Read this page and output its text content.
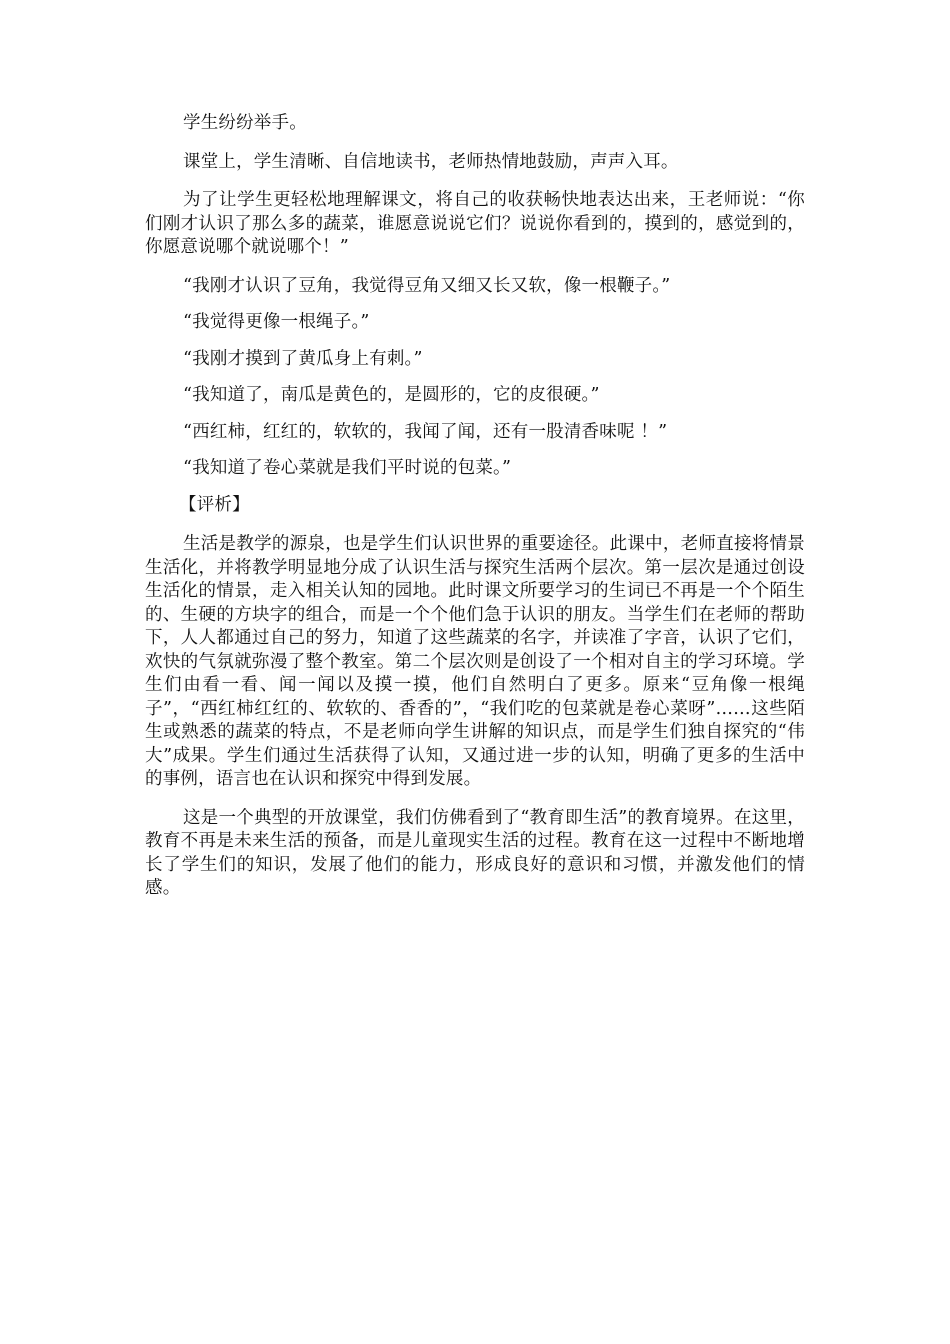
学生纷纷举手。

课堂上，学生清晰、自信地读书，老师热情地鼓励，声声入耳。

为了让学生更轻松地理解课文，将自己的收获畅快地表达出来，王老师说：“你们刚才认识了那么多的蔬菜，谁愿意说说它们？说说你看到的，摸到的，感觉到的，你愿意说哪个就说哪个！”

“我刚才认识了豆角，我觉得豆角又细又长又软，像一根鞭子。”

“我觉得更像一根绳子。”

“我刚才摸到了黄瓜身上有刺。”

“我知道了，南瓜是黄色的，是圆形的，它的皮很硬。”

“西红柿，红红的，软软的，我闻了闻，还有一股清香味呢 ！”

“我知道了卷心菜就是我们平时说的包菜。”

【评析】

生活是教学的源泉，也是学生们认识世界的重要途径。此课中，老师直接将情景生活化，并将教学明显地分成了认识生活与探究生活两个层次。第一层次是通过创设生活化的情景，走入相关认知的园地。此时课文所要学习的生词已不再是一个个陌生的、生硬的方块字的组合，而是一个个他们急于认识的朋友。当学生们在老师的帮助下，人人都通过自己的努力，知道了这些蔬菜的名字，并读准了字音，认识了它们，欢快的气氛就弥漫了整个教室。第二个层次则是创设了一个相对自主的学习环境。学生们由看一看、闻一闻以及摸一摸，他们自然明白了更多。原来“豆角像一根绳子”，“西红柿红红的、软软的、香香的”，“我们吃的包菜就是卷心菜呀”……这些陌生或熟悉的蔬菜的特点，不是老师向学生讲解的知识点，而是学生们独自探究的“伟大”成果。学生们通过生活获得了认知，又通过进一步的认知，明确了更多的生活中的事例，语言也在认识和探究中得到发展。

这是一个典型的开放课堂，我们仿佛看到了“教育即生活”的教育境界。在这里，教育不再是未来生活的预备，而是儿童现实生活的过程。教育在这一过程中不断地增长了学生们的知识，发展了他们的能力，形成良好的意识和习惯，并激发他们的情感。
